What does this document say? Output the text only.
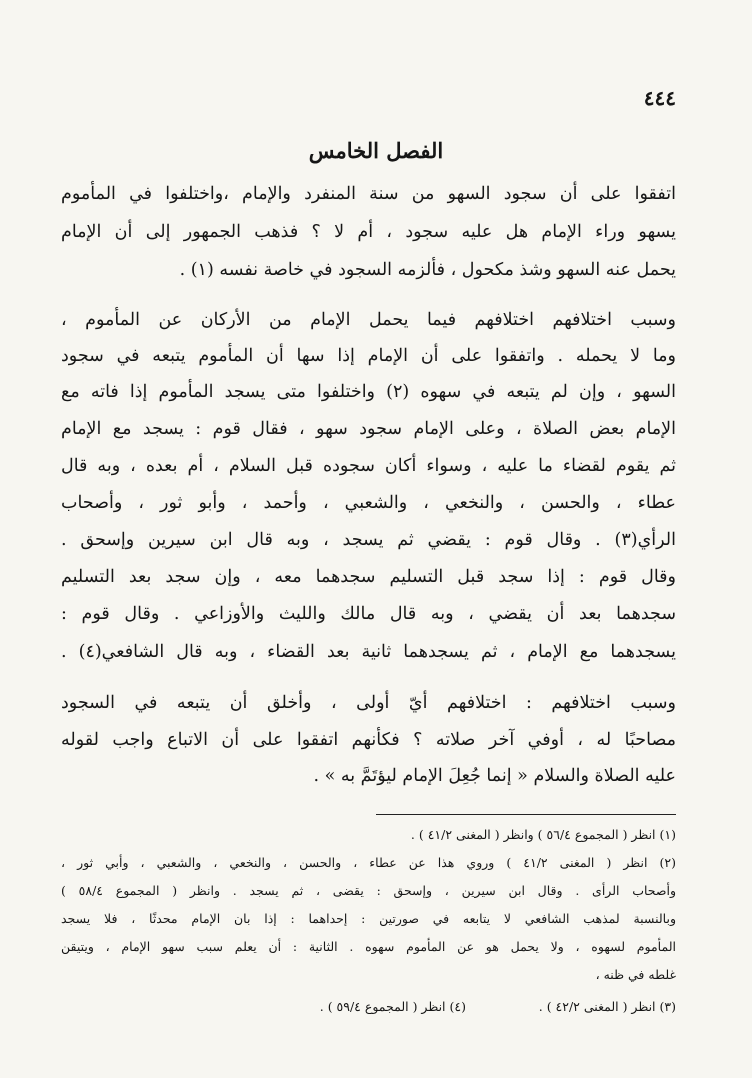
٤٤٤
الفصل الخامس
اتفقوا على أن سجود السهو من سنة المنفرد والإمام ،واختلفوا في المأموم
يسهو وراء الإمام هل عليه سجود ، أم لا ؟ فذهب الجمهور إلى أن الإمام
يحمل عنه السهو وشذ مكحول ، فألزمه السجود في خاصة نفسه (١) .
وسبب اختلافهم اختلافهم فيما يحمل الإمام من الأركان عن المأموم ،
وما لا يحمله . واتفقوا على أن الإمام إذا سها أن المأموم يتبعه في سجود
السهو ، وإن لم يتبعه في سهوه (٢) واختلفوا متى يسجد المأموم إذا فاته مع
الإمام بعض الصلاة ، وعلى الإمام سجود سهو ، فقال قوم : يسجد مع الإمام
ثم يقوم لقضاء ما عليه ، وسواء أكان سجوده قبل السلام ، أم بعده ، وبه قال
عطاء ، والحسن ، والنخعي ، والشعبي ، وأحمد ، وأبو ثور ، وأصحاب
الرأي(٣) . وقال قوم : يقضي ثم يسجد ، وبه قال ابن سيرين وإسحق .
وقال قوم : إذا سجد قبل التسليم سجدهما معه ، وإن سجد بعد التسليم
سجدهما بعد أن يقضي ، وبه قال مالك والليث والأوزاعي . وقال قوم :
يسجدهما مع الإمام ، ثم يسجدهما ثانية بعد القضاء ، وبه قال الشافعي(٤) .
وسبب اختلافهم : اختلافهم أيّ أولى ، وأخلق أن يتبعه في السجود
مصاحبًا له ، أوفي آخر صلاته ؟ فكأنهم اتفقوا على أن الاتباع واجب لقوله
عليه الصلاة والسلام « إنما جُعِلَ الإمام ليؤتَمَّ به » .
(١) انظر ( المجموع ٥٦/٤ ) وانظر ( المغنى ٤١/٢ ) .
(٢) انظر ( المغنى ٤١/٢ ) وروي هذا عن عطاء ، والحسن ، والنخعي ، والشعبي ، وأبي ثور ،
وأصحاب الرأى . وقال ابن سيرين ، وإسحق : يقضى ، ثم يسجد . وانظر ( المجموع ٥٨/٤ )
وبالنسبة لمذهب الشافعي لا يتابعه في صورتين : إحداهما : إذا بان الإمام محدثًا ، فلا يسجد
المأموم لسهوه ، ولا يحمل هو عن المأموم سهوه . الثانية : أن يعلم سبب سهو الإمام ، ويتيقن
غلطه في ظنه ،
(٣) انظر ( المغنى ٤٢/٢ ) .
(٤) انظر ( المجموع ٥٩/٤ ) .
